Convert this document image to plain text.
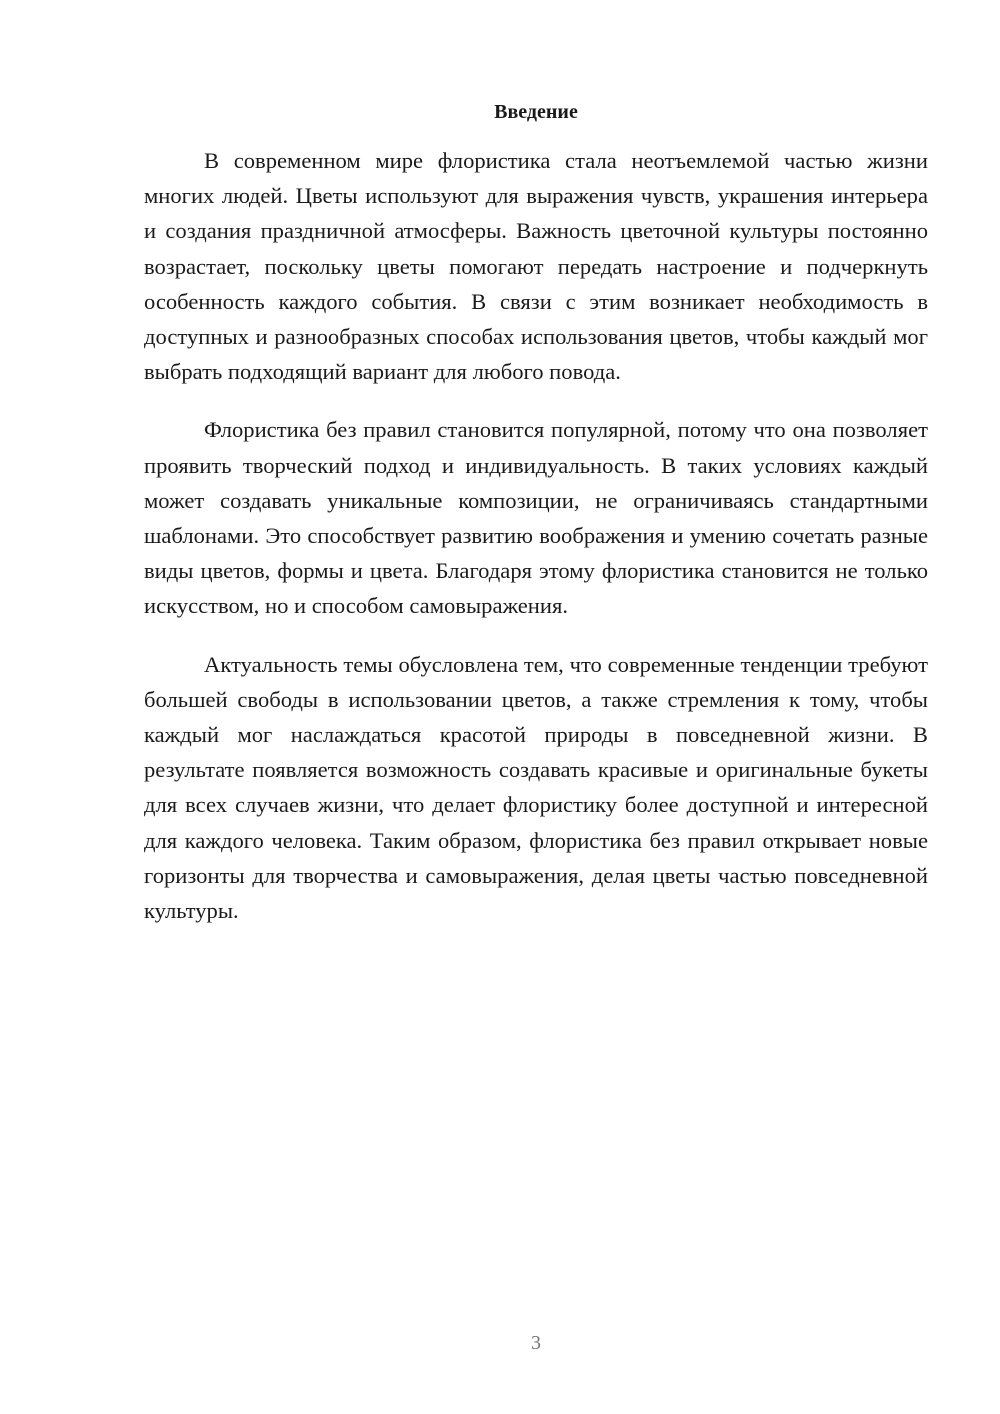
Введение

В современном мире флористика стала неотъемлемой частью жизни многих людей. Цветы используют для выражения чувств, украшения интерьера и создания праздничной атмосферы. Важность цветочной культуры постоянно возрастает, поскольку цветы помогают передать настроение и подчеркнуть особенность каждого события. В связи с этим возникает необходимость в доступных и разнообразных способах использования цветов, чтобы каждый мог выбрать подходящий вариант для любого повода.

Флористика без правил становится популярной, потому что она позволяет проявить творческий подход и индивидуальность. В таких условиях каждый может создавать уникальные композиции, не ограничиваясь стандартными шаблонами. Это способствует развитию воображения и умению сочетать разные виды цветов, формы и цвета. Благодаря этому флористика становится не только искусством, но и способом самовыражения.

Актуальность темы обусловлена тем, что современные тенденции требуют большей свободы в использовании цветов, а также стремления к тому, чтобы каждый мог наслаждаться красотой природы в повседневной жизни. В результате появляется возможность создавать красивые и оригинальные букеты для всех случаев жизни, что делает флористику более доступной и интересной для каждого человека. Таким образом, флористика без правил открывает новые горизонты для творчества и самовыражения, делая цветы частью повседневной культуры.

3
